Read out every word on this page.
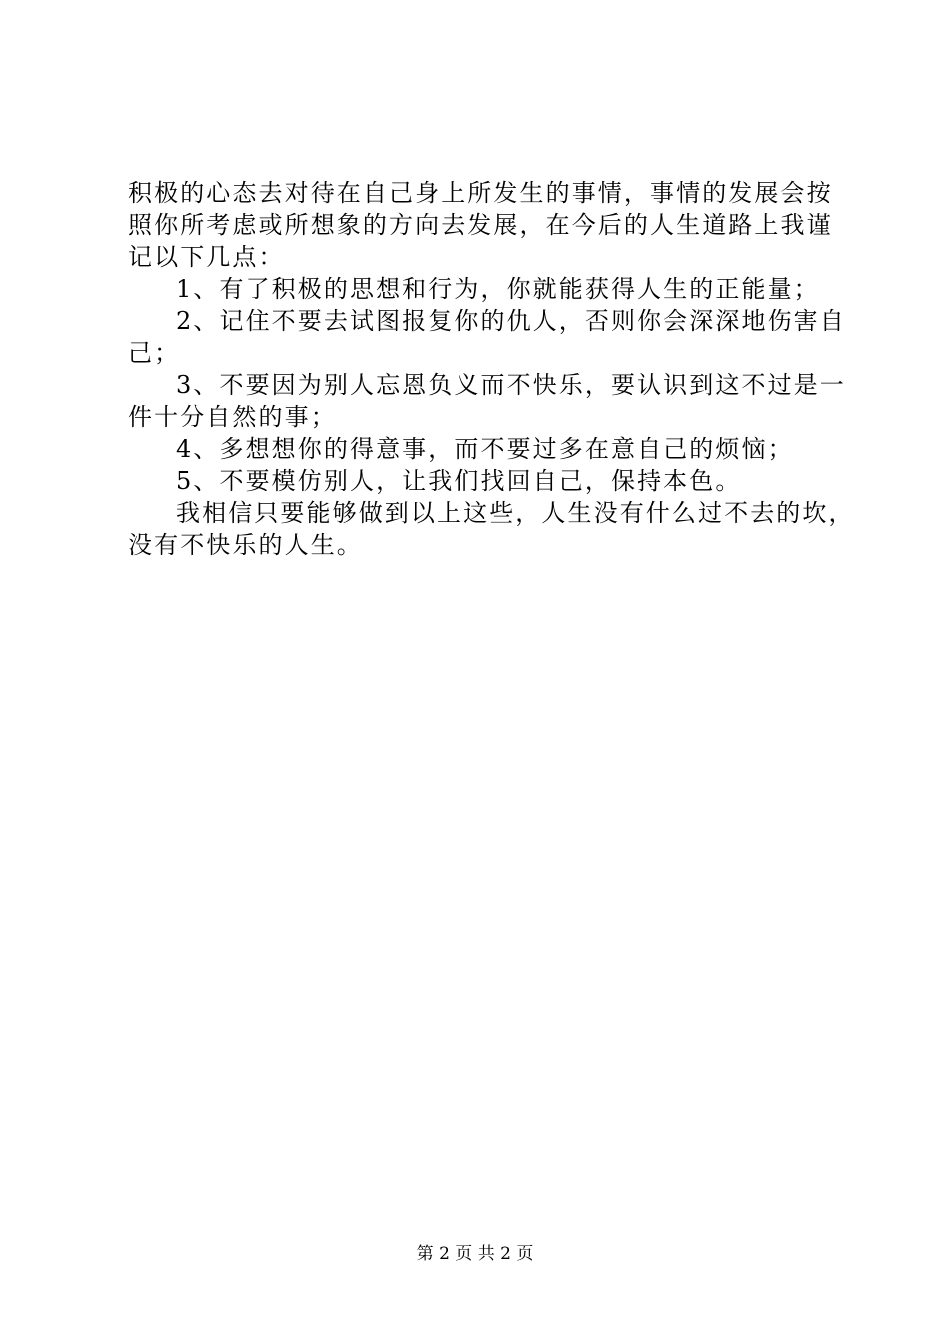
积极的心态去对待在自己身上所发生的事情，事情的发展会按
照你所考虑或所想象的方向去发展，在今后的人生道路上我谨
记以下几点：
1、有了积极的思想和行为，你就能获得人生的正能量；
2、记住不要去试图报复你的仇人，否则你会深深地伤害自
己；
3、不要因为别人忘恩负义而不快乐，要认识到这不过是一
件十分自然的事；
4、多想想你的得意事，而不要过多在意自己的烦恼；
5、不要模仿别人，让我们找回自己，保持本色。
我相信只要能够做到以上这些，人生没有什么过不去的坎，
没有不快乐的人生。
第 2 页 共 2 页
